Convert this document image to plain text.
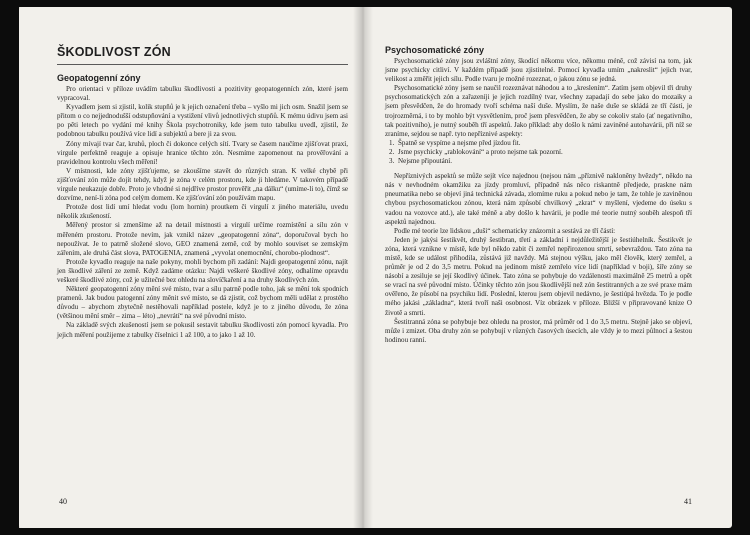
ŠKODLIVOST ZÓN
Geopatogenní zóny

Pro orientaci v příloze uvádím tabulku škodlivosti a pozitivity geopatogenních zón, které jsem vypracoval.

Kyvadlem jsem si zjistil, kolik stupňů je k jejich označení třeba – vyšlo mi jich osm. Snažil jsem se přitom o co nejjednodušší odstupňování a vystižení vlivů jednotlivých stupňů. K mému údivu jsem asi po pěti letech po vydání mé knihy Škola psychotroniky, kde jsem tuto tabulku uvedl, zjistil, že podobnou tabulku používá více lidí a subjektů a bere ji za svou.

Zóny mívají tvar čar, kruhů, ploch či dokonce celých sítí. Tvary se časem naučíme zjišťovat praxí, virgule perfektně reaguje a opisuje hranice těchto zón. Nesmíme zapomenout na prověřování a pravidelnou kontrolu všech měření!

V místnosti, kde zóny zjišťujeme, se zkoušíme stavět do různých stran. K velké chybě při zjišťování zón může dojít tehdy, když je zóna v celém prostoru, kde ji hledáme. V takovém případě virgule neukazuje dobře. Proto je vhodné si nejdříve prostor prověřit „na dálku“ (umíme-li to), čímž se dozvíme, není-li zóna pod celým domem. Ke zjišťování zón používám mapu.

Protože dost lidí umí hledat vodu (lom hornin) proutkem či virgulí z jiného materiálu, uvedu několik zkušeností.

Měřený prostor si zmenšíme až na detail místnosti a virgulí určíme rozmístění a sílu zón v měřeném prostoru. Protože nevím, jak vznikl název „geopatogenní zóna“, doporučoval bych ho nepoužívat. Je to patrně složené slovo, GEO znamená země, což by mohlo souviset se zemským zářením, ale druhá část slova, PATOGENIA, znamená „vyvolat onemocnění, chorobo-plodnost“.

Protože kyvadlo reaguje na naše pokyny, mohli bychom při zadání: Najdi geopatogenní zónu, najít jen škodlivé záření ze země. Když zadáme otázku: Najdi veškeré škodlivé zóny, odhalíme opravdu veškeré škodlivé zóny, což je užitečné bez ohledu na slovíčkaření a na druhy škodlivých zón.

Některé geopatogenní zóny mění své místo, tvar a sílu patrně podle toho, jak se mění tok spodních pramenů. Jak budou patogenní zóny měnit své místo, se dá zjistit, což bychom měli udělat z prostého důvodu – abychom zbytečně nestěhovali například postele, když je to z jiného důvodu, že zóna (většinou mění směr – zima – léto) „nevrátí“ na své původní místo.

Na základě svých zkušeností jsem se pokusil sestavit tabulku škodlivosti zón pomocí kyvadla. Pro jejich měření použijeme z tabulky číselnici 1 až 100, a to jako 1 až 10.

40
Psychosomatické zóny

Psychosomatické zóny jsou zvláštní zóny, škodící někomu více, někomu méně, což závisí na tom, jak jsme psychicky citliví. V každém případě jsou zjistitelné. Pomocí kyvadla umím „nakreslit“ jejich tvar, velikost a změřit jejich sílu. Podle tvaru je možné rozeznat, o jakou zónu se jedná.

Psychosomatické zóny jsem se naučil rozeznávat náhodou a to „kreslením“. Zatím jsem objevil tři druhy psychosomatických zón a zařazeníji je jejich rozdílný tvar, všechny zapadají do sebe jako do mozaiky a jsem přesvědčen, že do hromady tvoří schéma naší duše. Myslím, že naše duše se skládá ze tří částí, je trojrozměrná, i to by mohlo být vysvětlením, proč jsem přesvědčen, že aby se cokoliv stalo (ať negativního, tak pozitivního), je nutný souběh tří aspektů. Jako příklad: aby došlo k námi zaviněné autohavárii, při níž se zraníme, sejdou se např. tyto nepříznivé aspekty:

1. Špatně se vyspíme a nejsme před jízdou fit.
2. Jsme psychicky „rablokování“ a proto nejsme tak pozorní.
3. Nejsme připoutání.

Nepříznivých aspektů se může sejít více najednou (nejsou nám „příznivě nakloněny hvězdy“, někdo na nás v nevhodném okamžiku za jízdy promluví, případně nás něco riskantně předjede, praskne nám pneumatika nebo se objeví jiná technická závada, zlomíme ruku a pokud nebo je tam, že tohle je zaviněnou chybou psychosomatickou zónou, která nám způsobí chvilkový „zkrat“ v myšlení, vjedeme do úseku s vadou na vozovce atd.), ale také méně a aby došlo k havárii, je podle mé teorie nutný souběh alespoň tří aspektů najednou.

Podle mé teorie lze lidskou „duši“ schematicky znázornit a sestává ze tří částí:

Jeden je jakýsi šestikvět, druhý šestibran, třetí a základní i nejdůležitější je šestiúhelník. Šestikvět je zóna, která vznikne v místě, kde byl někdo zabit či zemřel nepřirozenou smrtí, sebevraždou. Tato zóna na místě, kde se událost přihodila, zůstává již navždy. Má stejnou výšku, jako měl člověk, který zemřel, a průměr je od 2 do 3,5 metru. Pokud na jedinom místě zemřelo více lidí (například v boji), šíře zóny se násobí a zesiluje se její škodlivý účinek. Tato zóna se pohybuje do vzdálenosti maximálně 25 metrů a opět se vrací na své původní místo. Účinky těchto zón jsou škodlivější než zón šestitranných a ze své praxe mám ověřeno, že působí na psychiku lidí. Poslední, kterou jsem objevil nedávno, je šestiúpá hvězda. To je podle mého jakási „základna“, která tvoří naši osobnost. Víz obrázek v příloze. Bližší v připravované knize O životě a smrti.

Šestitranná zóna se pohybuje bez ohledu na prostor, má průměr od 1 do 3,5 metru. Stejně jako se objeví, může i zmizet. Oba druhy zón se pohybují v různých časových úsecích, ale vždy je to mezi půlnocí a šestou hodinou ranní.

41
